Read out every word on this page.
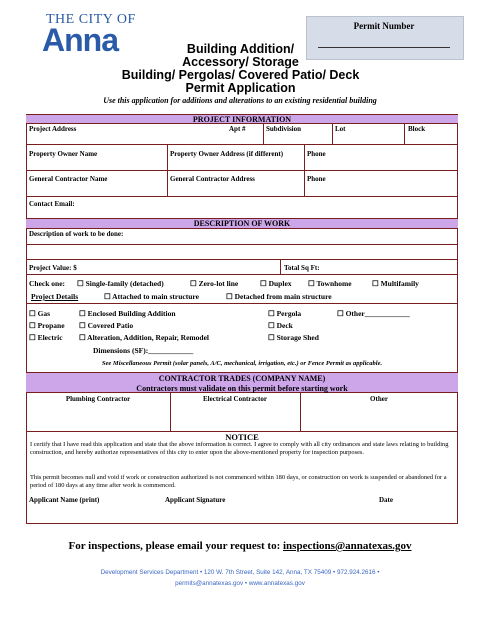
THE CITY OF
Anna	Building Addition/
Accessory/ Storage
Building/ Pergolas/ Covered Patio/ Deck
Permit Application
Permit Number
Use this application for additions and alterations to an existing residential building
PROJECT INFORMATION
Project Address	Apt #	Subdivision	Lot	Block
Property Owner Name	Property Owner Address (if different)	Phone
General Contractor Name	General Contractor Address	Phone
Contact Email:
DESCRIPTION OF WORK
Description of work to be done:
Project Value: $	Total Sq Ft:
Check one: ☐ Single-family (detached)	☐ Zero-lot line	☐ Duplex ☐ Townhome	☐ Multifamily
Project Details	☐ Attached to main structure	☐ Detached from main structure
☐ Gas
☐ Propane
☐ Electric
☐ Enclosed Building Addition
☐ Covered Patio
☐ Alteration, Addition, Repair, Remodel
☐ Pergola
☐ Deck
☐ Storage Shed
☐ Other____________
Dimensions (SF):____________
See Miscellaneous Permit (solar panels, A/C, mechanical, irrigation, etc.) or Fence Permit as applicable.
CONTRACTOR TRADES (COMPANY NAME)
Contractors must validate on this permit before starting work
Plumbing Contractor	Electrical Contractor	Other
NOTICE
I certify that I have read this application and state that the above information is correct. I agree to comply with all city ordinances and state laws relating to building construction, and hereby authorize representatives of this city to enter upon the above-mentioned property for inspection purposes.
This permit becomes null and void if work or construction authorized is not commenced within 180 days, or construction on work is suspended or abandoned for a period of 180 days at any time after work is commenced.
Applicant Name (print)	Applicant Signature	Date
For inspections, please email your request to: inspections@annatexas.gov
Development Services Department • 120 W. 7th Street, Suite 142, Anna, TX 75409 • 972.924.2616 •
permits@annatexas.gov • www.annatexas.gov
